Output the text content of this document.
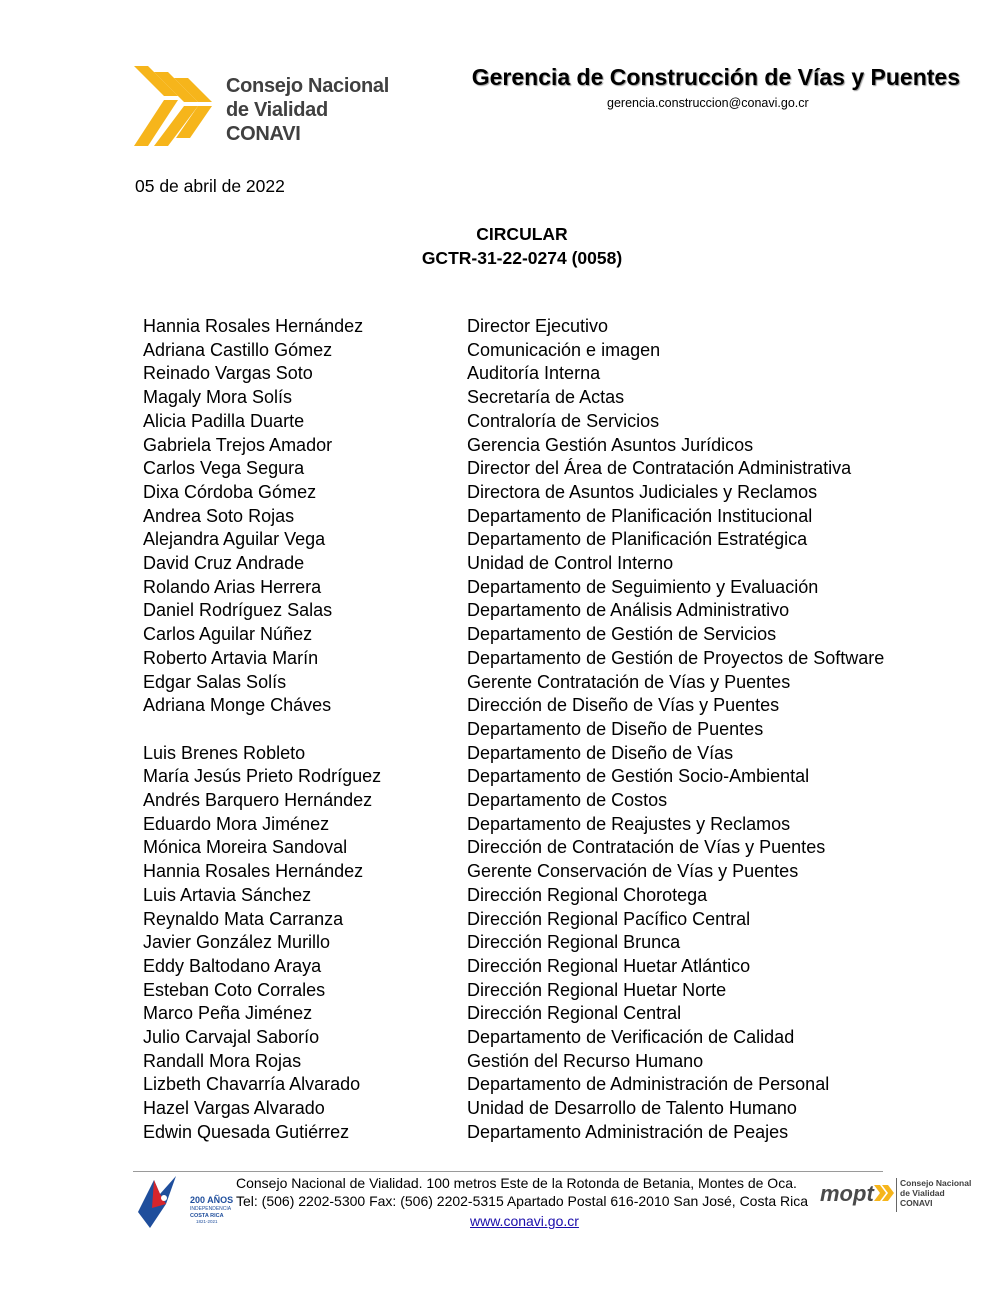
Consejo Nacional
de Vialidad
CONAVI
Gerencia de Construcción de Vías y Puentes
gerencia.construccion@conavi.go.cr
05 de abril de 2022
CIRCULAR
GCTR-31-22-0274 (0058)
Hannia Rosales Hernández	Director Ejecutivo
Adriana Castillo Gómez	Comunicación e imagen
Reinado Vargas Soto	Auditoría Interna
Magaly Mora Solís	Secretaría de Actas
Alicia Padilla Duarte	Contraloría de Servicios
Gabriela Trejos Amador	Gerencia Gestión Asuntos Jurídicos
Carlos Vega Segura	Director del Área de Contratación Administrativa
Dixa Córdoba Gómez	Directora de Asuntos Judiciales y Reclamos
Andrea Soto Rojas	Departamento de Planificación Institucional
Alejandra Aguilar Vega	Departamento de Planificación Estratégica
David Cruz Andrade	Unidad de Control Interno
Rolando Arias Herrera	Departamento de Seguimiento y Evaluación
Daniel Rodríguez Salas	Departamento de Análisis Administrativo
Carlos Aguilar Núñez	Departamento de Gestión de Servicios
Roberto Artavia Marín	Departamento de Gestión de Proyectos de Software
Edgar Salas Solís	Gerente Contratación de Vías y Puentes
Adriana Monge Cháves	Dirección de Diseño de Vías y Puentes
Departamento de Diseño de Puentes
Luis Brenes Robleto	Departamento de Diseño de Vías
María Jesús Prieto Rodríguez	Departamento de Gestión Socio-Ambiental
Andrés Barquero Hernández	Departamento de Costos
Eduardo Mora Jiménez	Departamento de Reajustes y Reclamos
Mónica Moreira Sandoval	Dirección de Contratación de Vías y Puentes
Hannia Rosales Hernández	Gerente Conservación de Vías y Puentes
Luis Artavia Sánchez	Dirección Regional Chorotega
Reynaldo Mata Carranza	Dirección Regional Pacífico Central
Javier González Murillo	Dirección Regional Brunca
Eddy Baltodano Araya	Dirección Regional Huetar Atlántico
Esteban Coto Corrales	Dirección Regional Huetar Norte
Marco Peña Jiménez	Dirección Regional Central
Julio Carvajal Saborío	Departamento de Verificación de Calidad
Randall Mora Rojas	Gestión del Recurso Humano
Lizbeth Chavarría Alvarado	Departamento de Administración de Personal
Hazel Vargas Alvarado	Unidad de Desarrollo de Talento Humano
Edwin Quesada Gutiérrez	Departamento Administración de Peajes
200 AÑOS
INDEPENDENCIA
COSTA RICA
1821-2021
Consejo Nacional de Vialidad. 100 metros Este de la Rotonda de Betania, Montes de Oca.
Tel: (506) 2202-5300 Fax: (506) 2202-5315 Apartado Postal 616-2010 San José, Costa Rica
www.conavi.go.cr
mopt	Consejo Nacional
de Vialidad
CONAVI
